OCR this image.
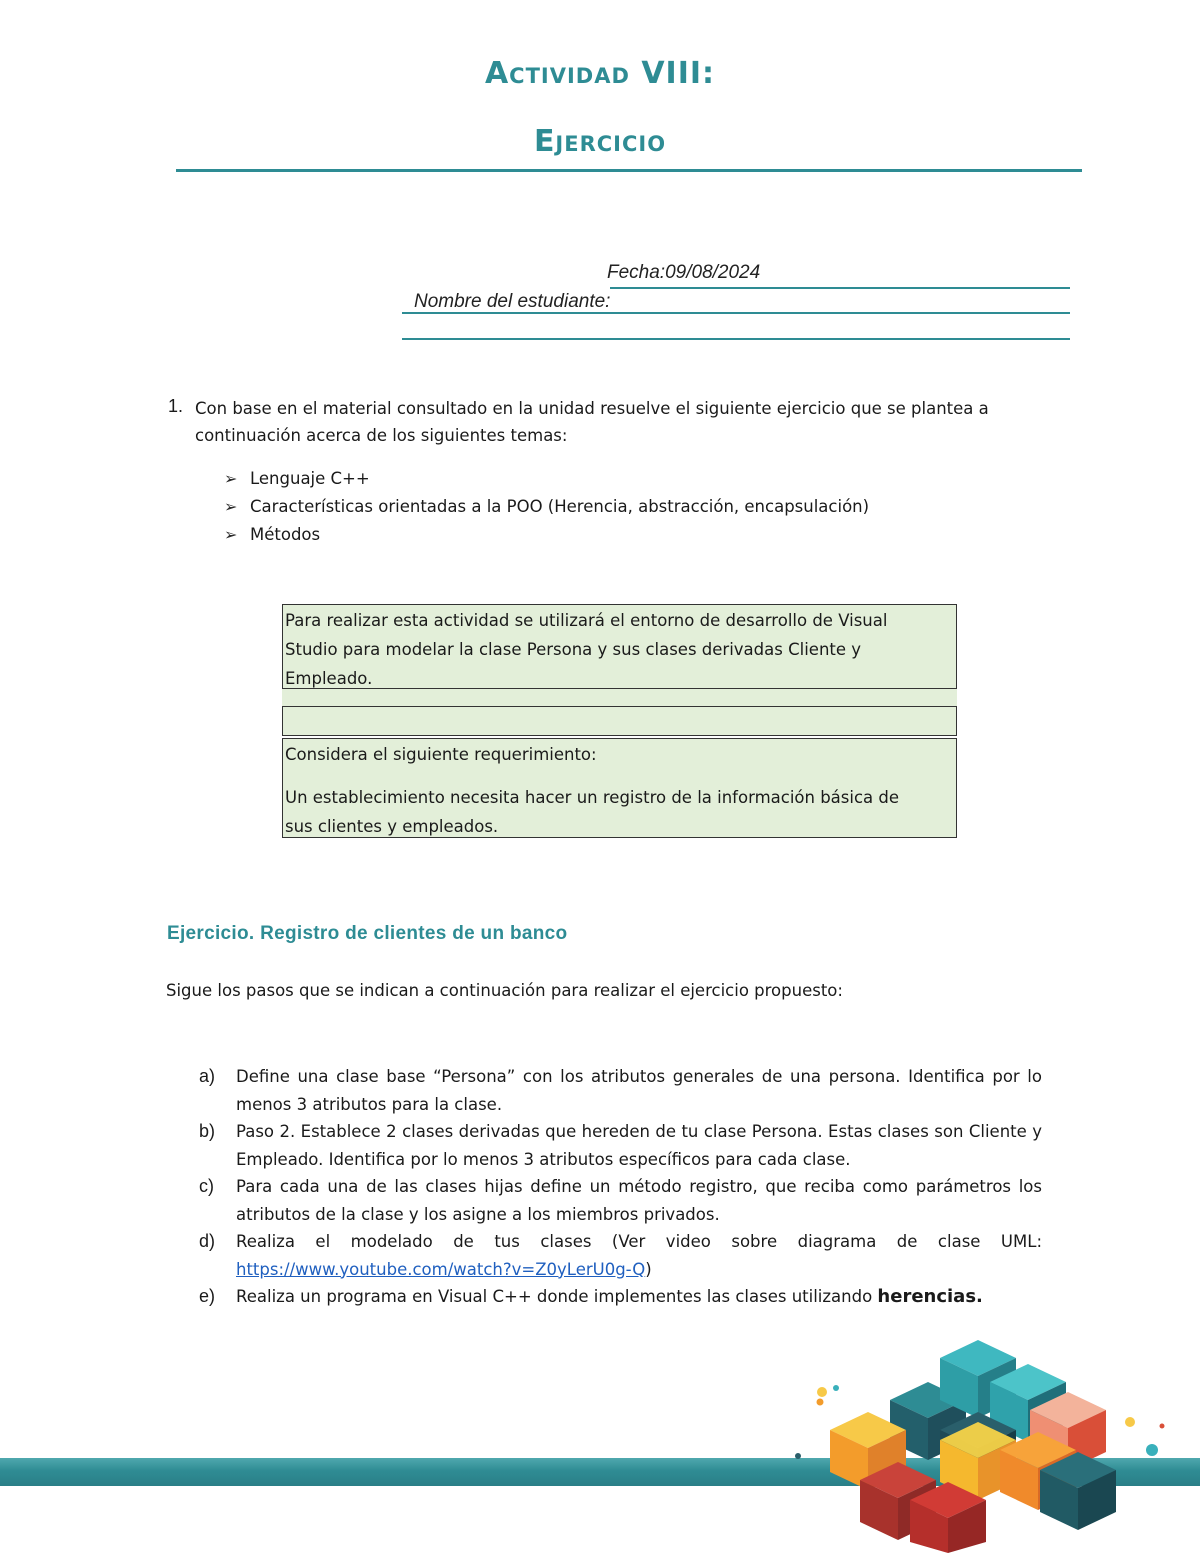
Actividad VIII:
Ejercicio
Fecha:09/08/2024
Nombre del estudiante:
1. Con base en el material consultado en la unidad resuelve el siguiente ejercicio que se plantea a
continuación acerca de los siguientes temas:
➢ Lenguaje C++
➢ Características orientadas a la POO (Herencia, abstracción, encapsulación)
➢ Métodos
Para realizar esta actividad se utilizará el entorno de desarrollo de Visual
Studio para modelar la clase Persona y sus clases derivadas Cliente y
Empleado.
Considera el siguiente requerimiento:
Un establecimiento necesita hacer un registro de la información básica de
sus clientes y empleados.
Ejercicio. Registro de clientes de un banco
Sigue los pasos que se indican a continuación para realizar el ejercicio propuesto:
a) Define una clase base “Persona” con los atributos generales de una persona. Identifica por lo menos 3 atributos para la clase.
b) Paso 2. Establece 2 clases derivadas que hereden de tu clase Persona. Estas clases son Cliente y Empleado. Identifica por lo menos 3 atributos específicos para cada clase.
c) Para cada una de las clases hijas define un método registro, que reciba como parámetros los atributos de la clase y los asigne a los miembros privados.
d) Realiza el modelado de tus clases (Ver video sobre diagrama de clase UML: https://www.youtube.com/watch?v=Z0yLerU0g-Q)
e) Realiza un programa en Visual C++ donde implementes las clases utilizando herencias.
